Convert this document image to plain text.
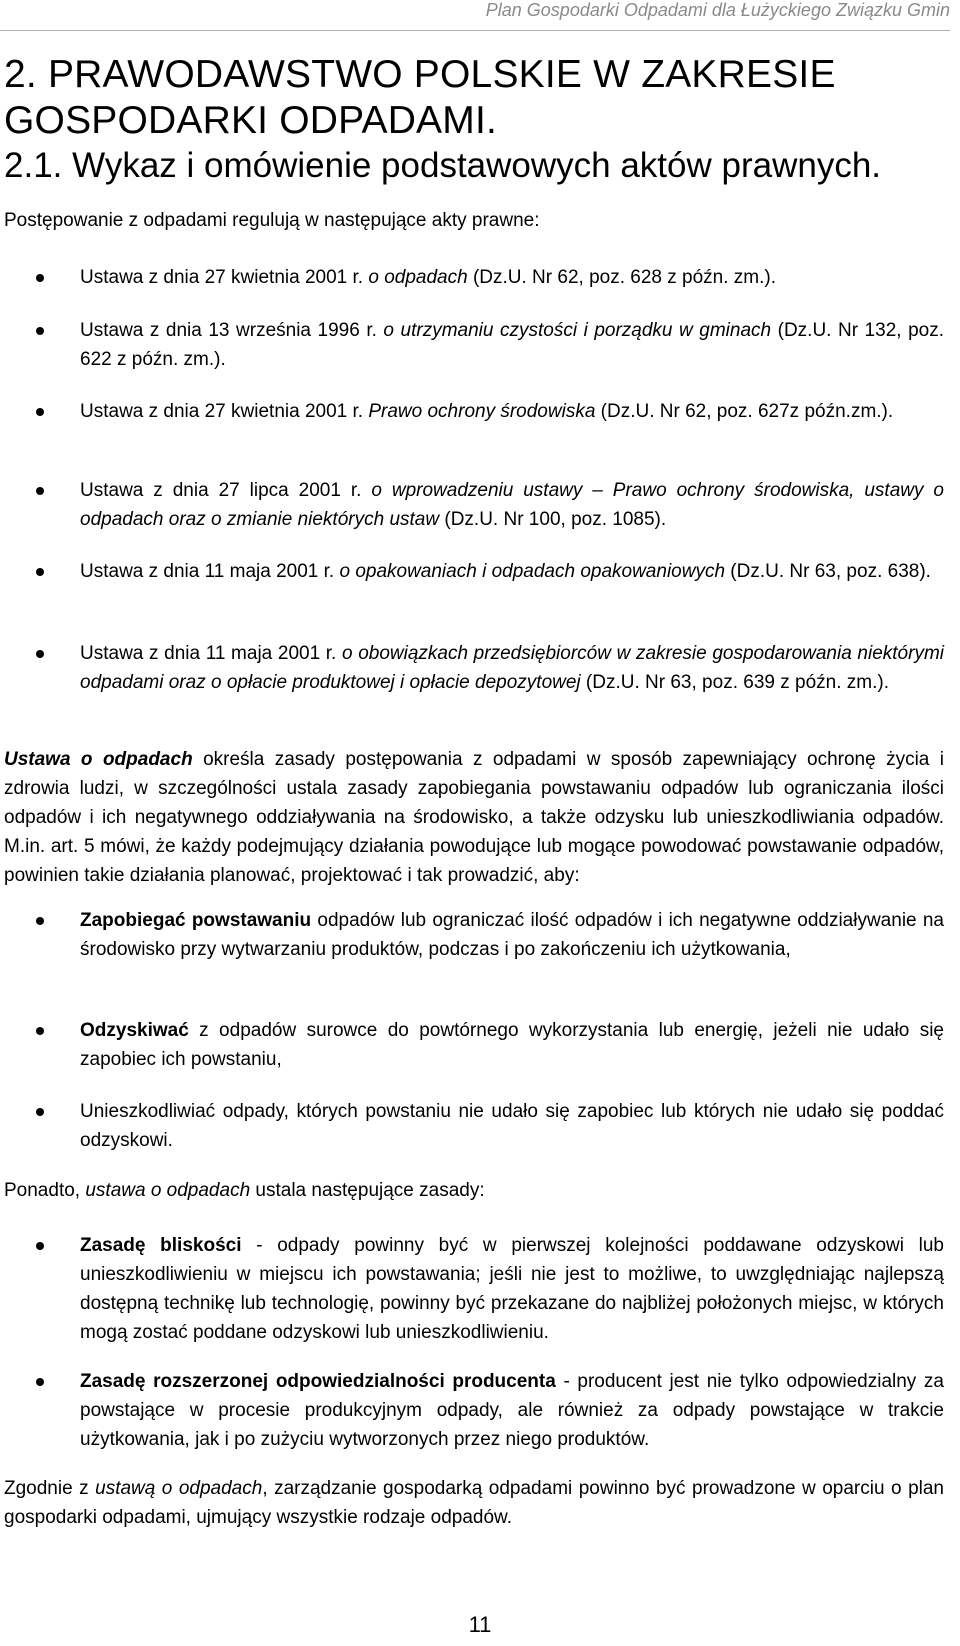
Plan Gospodarki Odpadami dla Łużyckiego Związku Gmin
2. PRAWODAWSTWO POLSKIE W ZAKRESIE
GOSPODARKI ODPADAMI.
2.1. Wykaz i omówienie podstawowych aktów prawnych.
Postępowanie z odpadami regulują w następujące akty prawne:
Ustawa z dnia 27 kwietnia 2001 r. o odpadach (Dz.U. Nr 62, poz. 628 z późn. zm.).
Ustawa z dnia 13 września 1996 r. o utrzymaniu czystości i porządku w gminach (Dz.U. Nr 132, poz. 622 z późn. zm.).
Ustawa z dnia 27 kwietnia 2001 r. Prawo ochrony środowiska (Dz.U. Nr 62, poz. 627z późn.zm.).
Ustawa z dnia 27 lipca 2001 r. o wprowadzeniu ustawy – Prawo ochrony środowiska, ustawy o odpadach oraz o zmianie niektórych ustaw (Dz.U. Nr 100, poz. 1085).
Ustawa z dnia 11 maja 2001 r. o opakowaniach i odpadach opakowaniowych (Dz.U. Nr 63, poz. 638).
Ustawa z dnia 11 maja 2001 r. o obowiązkach przedsiębiorców w zakresie gospodarowania niektórymi odpadami oraz o opłacie produktowej i opłacie depozytowej (Dz.U. Nr 63, poz. 639 z późn. zm.).
Ustawa o odpadach określa zasady postępowania z odpadami w sposób zapewniający ochronę życia i zdrowia ludzi, w szczególności ustala zasady zapobiegania powstawaniu odpadów lub ograniczania ilości odpadów i ich negatywnego oddziaływania na środowisko, a także odzysku lub unieszkodliwiania odpadów. M.in. art. 5 mówi, że każdy podejmujący działania powodujące lub mogące powodować powstawanie odpadów, powinien takie działania planować, projektować i tak prowadzić, aby:
Zapobiegać powstawaniu odpadów lub ograniczać ilość odpadów i ich negatywne oddziaływanie na środowisko przy wytwarzaniu produktów, podczas i po zakończeniu ich użytkowania,
Odzyskiwać z odpadów surowce do powtórnego wykorzystania lub energię, jeżeli nie udało się zapobiec ich powstaniu,
Unieszkodliwiać odpady, których powstaniu nie udało się zapobiec lub których nie udało się poddać odzyskowi.
Ponadto, ustawa o odpadach ustala następujące zasady:
Zasadę bliskości - odpady powinny być w pierwszej kolejności poddawane odzyskowi lub unieszkodliwieniu w miejscu ich powstawania; jeśli nie jest to możliwe, to uwzględniając najlepszą dostępną technikę lub technologię, powinny być przekazane do najbliżej położonych miejsc, w których mogą zostać poddane odzyskowi lub unieszkodliwieniu.
Zasadę rozszerzonej odpowiedzialności producenta - producent jest nie tylko odpowiedzialny za powstające w procesie produkcyjnym odpady, ale również za odpady powstające w trakcie użytkowania, jak i po zużyciu wytworzonych przez niego produktów.
Zgodnie z ustawą o odpadach, zarządzanie gospodarką odpadami powinno być prowadzone w oparciu o plan gospodarki odpadami, ujmujący wszystkie rodzaje odpadów.
11
